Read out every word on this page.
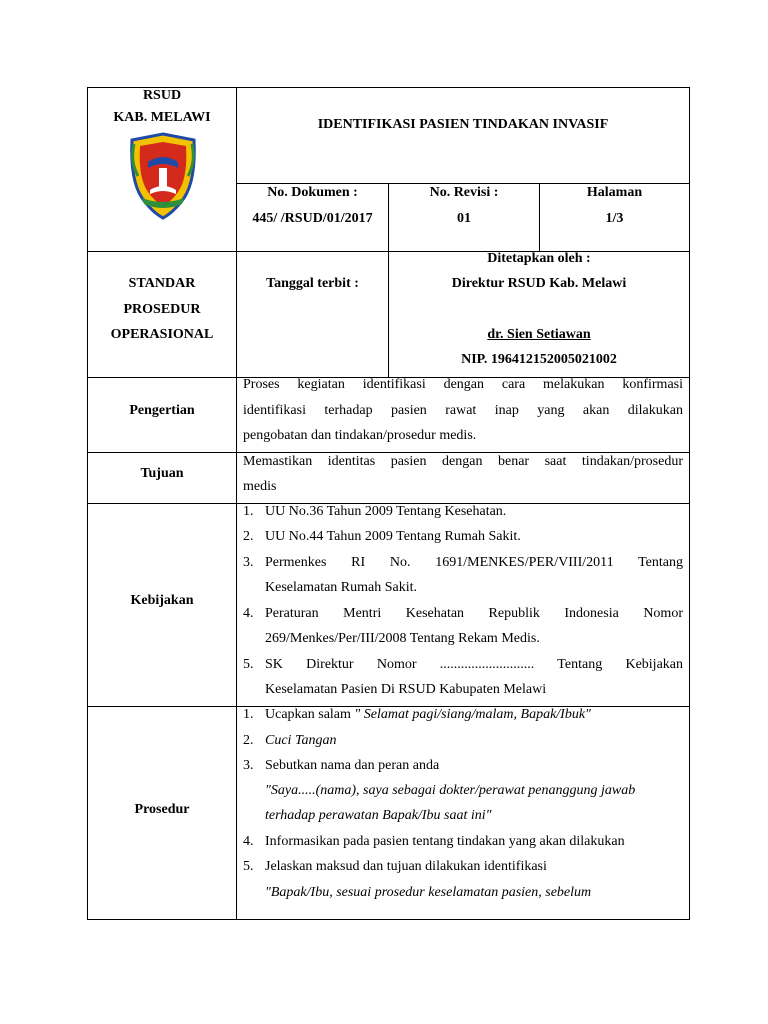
RSUD
KAB. MELAWI	IDENTIFIKASI PASIEN TINDAKAN INVASIF
No. Dokumen :
445/ /RSUD/01/2017
No. Revisi :
01
Halaman
1/3
STANDAR
PROSEDUR
OPERASIONAL
Tanggal terbit :
Ditetapkan oleh :
Direktur RSUD Kab. Melawi
dr. Sien Setiawan
NIP. 196412152005021002
Pengertian
Proses kegiatan identifikasi dengan cara melakukan konfirmasi
identifikasi terhadap pasien rawat inap yang akan dilakukan
pengobatan dan tindakan/prosedur medis.
Tujuan
Memastikan identitas pasien dengan benar saat tindakan/prosedur
medis
Kebijakan
1. UU No.36 Tahun 2009 Tentang Kesehatan.
2. UU No.44 Tahun 2009 Tentang Rumah Sakit.
3. Permenkes RI No. 1691/MENKES/PER/VIII/2011 Tentang
Keselamatan Rumah Sakit.
4. Peraturan Mentri Kesehatan Republik Indonesia Nomor
269/Menkes/Per/III/2008 Tentang Rekam Medis.
5. SK Direktur Nomor ........................... Tentang Kebijakan
Keselamatan Pasien Di RSUD Kabupaten Melawi
Prosedur
1. Ucapkan salam " Selamat pagi/siang/malam, Bapak/Ibuk"
2. Cuci Tangan
3. Sebutkan nama dan peran anda
"Saya.....(nama), saya sebagai dokter/perawat penanggung jawab
terhadap perawatan Bapak/Ibu saat ini"
4. Informasikan pada pasien tentang tindakan yang akan dilakukan
5. Jelaskan maksud dan tujuan dilakukan identifikasi
"Bapak/Ibu, sesuai prosedur keselamatan pasien, sebelum
